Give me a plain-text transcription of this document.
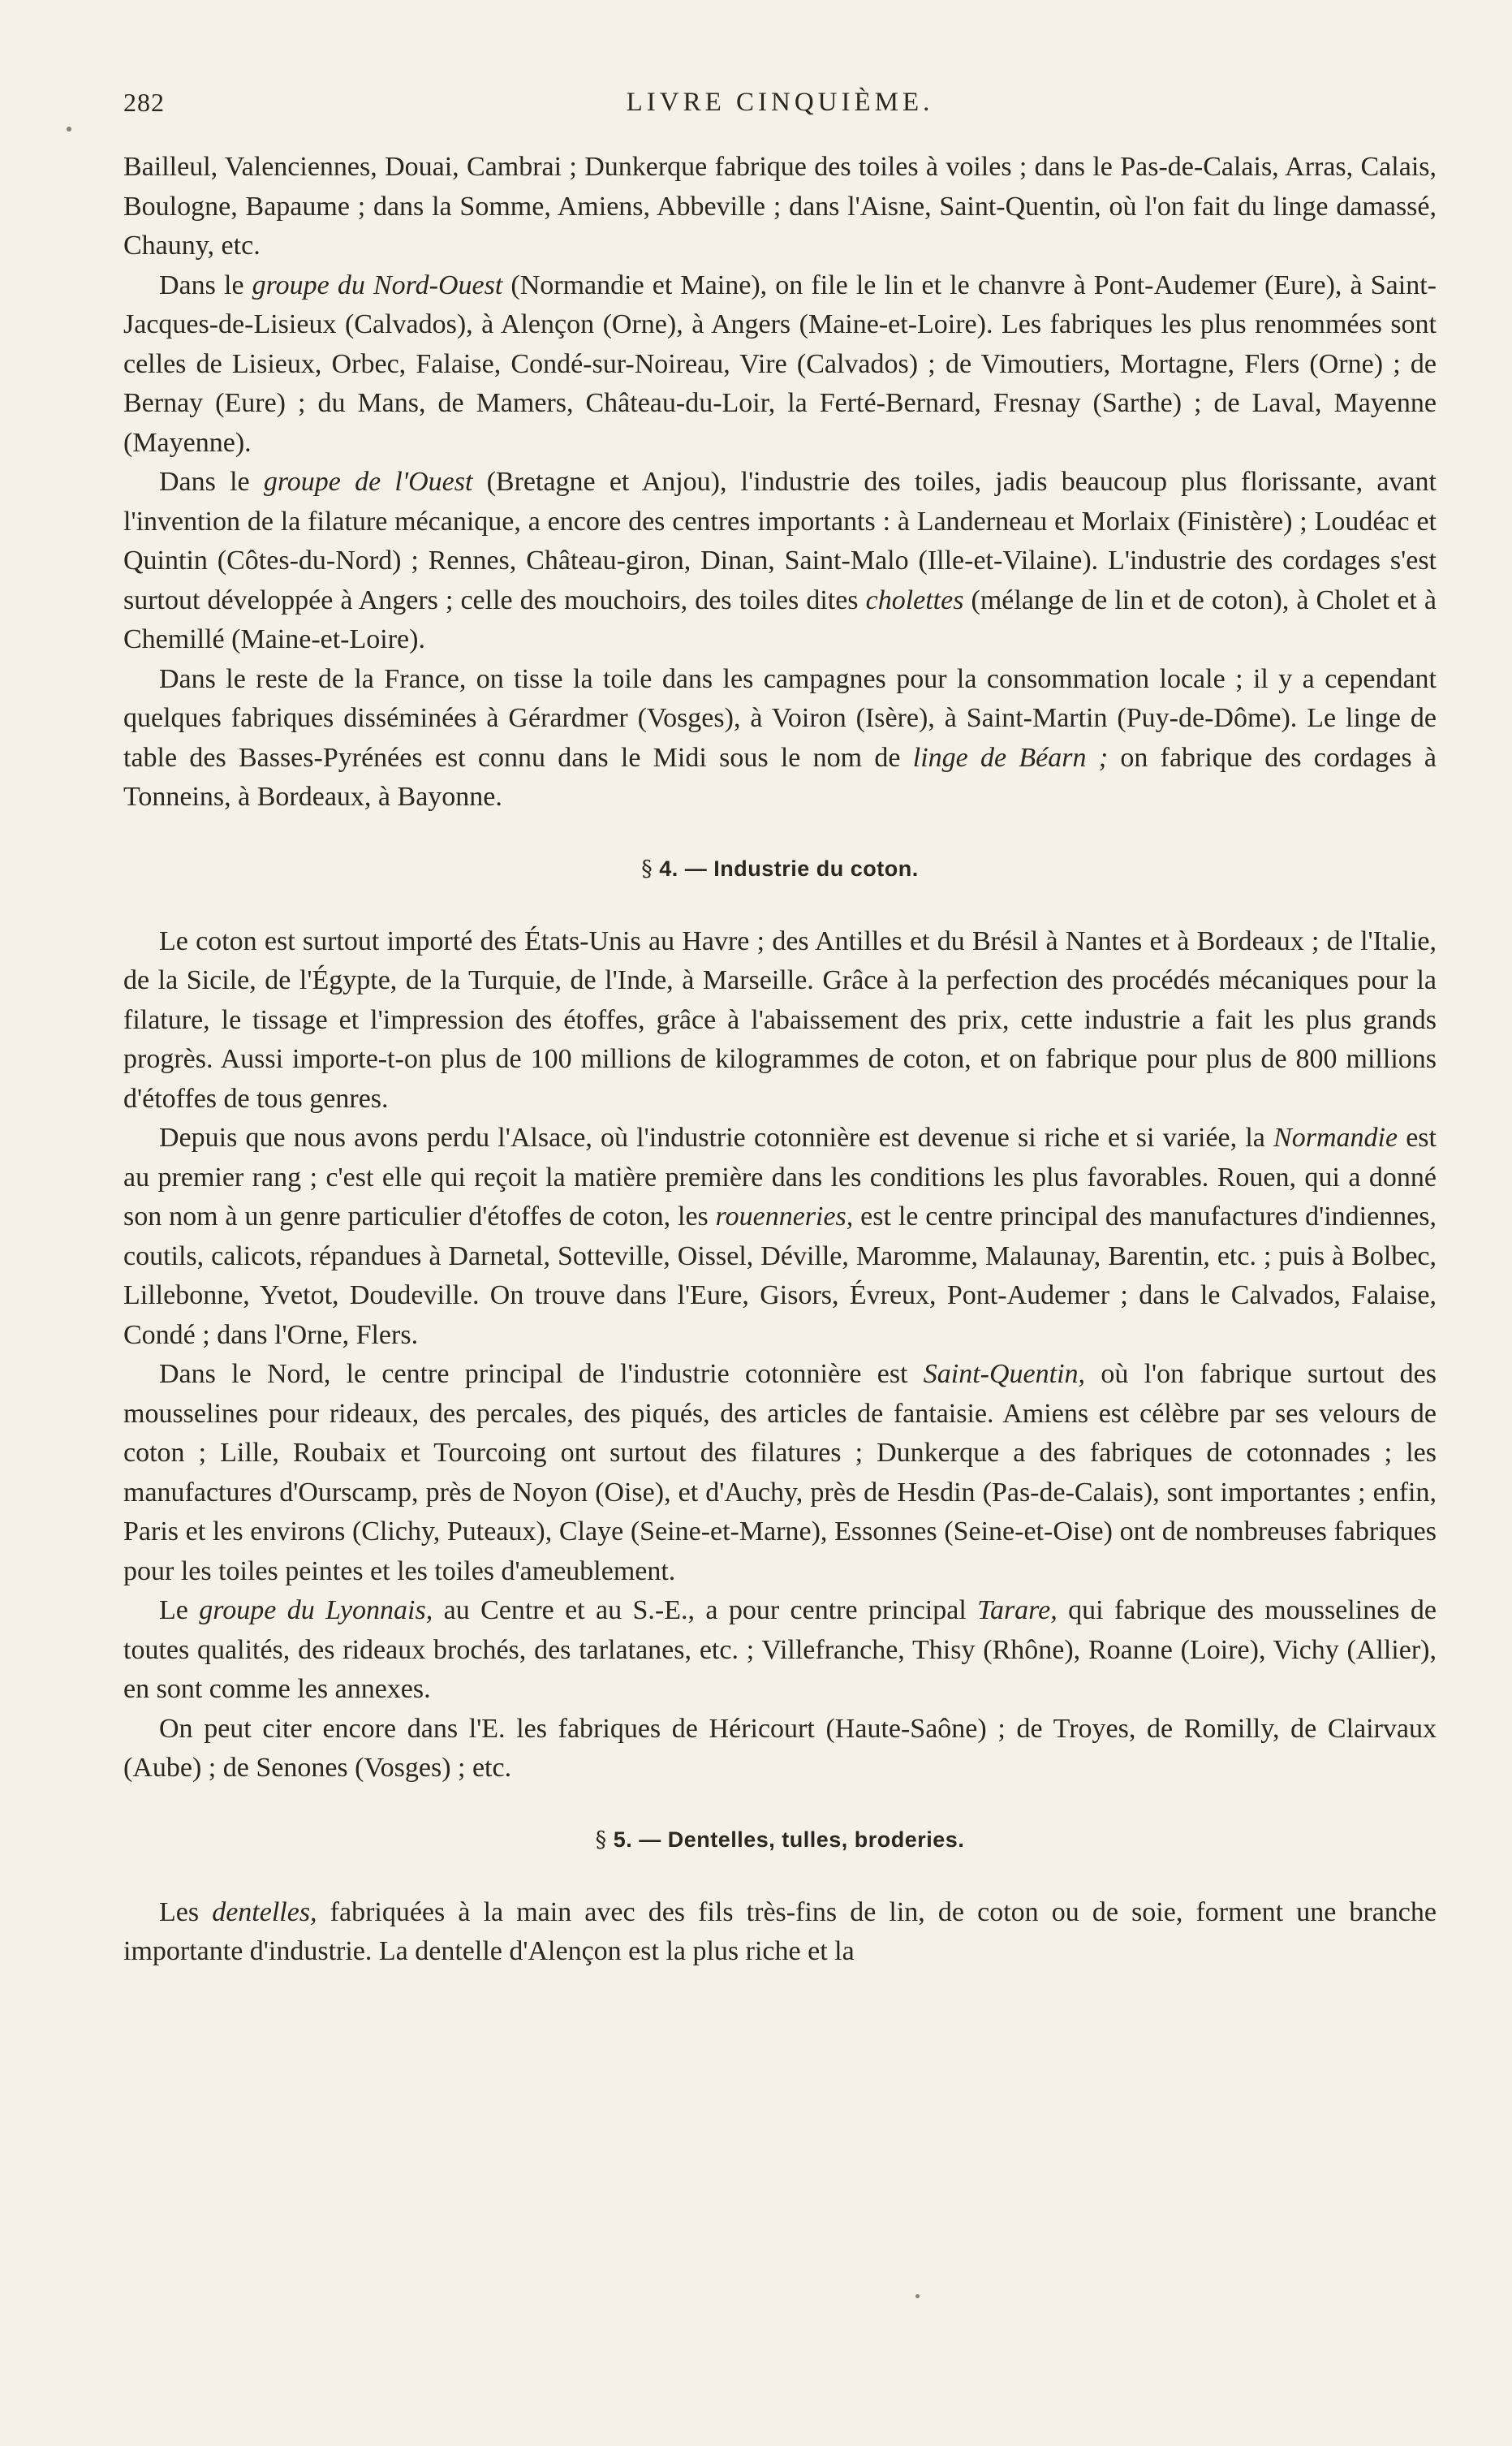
282	LIVRE CINQUIÈME.

Bailleul, Valenciennes, Douai, Cambrai ; Dunkerque fabrique des toiles à voiles ; dans le Pas-de-Calais, Arras, Calais, Boulogne, Bapaume ; dans la Somme, Amiens, Abbeville ; dans l'Aisne, Saint-Quentin, où l'on fait du linge damassé, Chauny, etc.

Dans le groupe du Nord-Ouest (Normandie et Maine), on file le lin et le chanvre à Pont-Audemer (Eure), à Saint-Jacques-de-Lisieux (Calvados), à Alençon (Orne), à Angers (Maine-et-Loire). Les fabriques les plus renommées sont celles de Lisieux, Orbec, Falaise, Condé-sur-Noireau, Vire (Calvados) ; de Vimoutiers, Mortagne, Flers (Orne) ; de Bernay (Eure) ; du Mans, de Mamers, Château-du-Loir, la Ferté-Bernard, Fresnay (Sarthe) ; de Laval, Mayenne (Mayenne).

Dans le groupe de l'Ouest (Bretagne et Anjou), l'industrie des toiles, jadis beaucoup plus florissante, avant l'invention de la filature mécanique, a encore des centres importants : à Landerneau et Morlaix (Finistère) ; Loudéac et Quintin (Côtes-du-Nord) ; Rennes, Château-giron, Dinan, Saint-Malo (Ille-et-Vilaine). L'industrie des cordages s'est surtout développée à Angers ; celle des mouchoirs, des toiles dites cholettes (mélange de lin et de coton), à Cholet et à Chemillé (Maine-et-Loire).

Dans le reste de la France, on tisse la toile dans les campagnes pour la consommation locale ; il y a cependant quelques fabriques disséminées à Gérardmer (Vosges), à Voiron (Isère), à Saint-Martin (Puy-de-Dôme). Le linge de table des Basses-Pyrénées est connu dans le Midi sous le nom de linge de Béarn ; on fabrique des cordages à Tonneins, à Bordeaux, à Bayonne.

§ 4. — Industrie du coton.

Le coton est surtout importé des États-Unis au Havre ; des Antilles et du Brésil à Nantes et à Bordeaux ; de l'Italie, de la Sicile, de l'Égypte, de la Turquie, de l'Inde, à Marseille. Grâce à la perfection des procédés mécaniques pour la filature, le tissage et l'impression des étoffes, grâce à l'abaissement des prix, cette industrie a fait les plus grands progrès. Aussi importe-t-on plus de 100 millions de kilogrammes de coton, et on fabrique pour plus de 800 millions d'étoffes de tous genres.

Depuis que nous avons perdu l'Alsace, où l'industrie cotonnière est devenue si riche et si variée, la Normandie est au premier rang ; c'est elle qui reçoit la matière première dans les conditions les plus favorables. Rouen, qui a donné son nom à un genre particulier d'étoffes de coton, les rouenneries, est le centre principal des manufactures d'indiennes, coutils, calicots, répandues à Darnetal, Sotteville, Oissel, Déville, Maromme, Malaunay, Barentin, etc. ; puis à Bolbec, Lillebonne, Yvetot, Doudeville. On trouve dans l'Eure, Gisors, Évreux, Pont-Audemer ; dans le Calvados, Falaise, Condé ; dans l'Orne, Flers.

Dans le Nord, le centre principal de l'industrie cotonnière est Saint-Quentin, où l'on fabrique surtout des mousselines pour rideaux, des percales, des piqués, des articles de fantaisie. Amiens est célèbre par ses velours de coton ; Lille, Roubaix et Tourcoing ont surtout des filatures ; Dunkerque a des fabriques de cotonnades ; les manufactures d'Ourscamp, près de Noyon (Oise), et d'Auchy, près de Hesdin (Pas-de-Calais), sont importantes ; enfin, Paris et les environs (Clichy, Puteaux), Claye (Seine-et-Marne), Essonnes (Seine-et-Oise) ont de nombreuses fabriques pour les toiles peintes et les toiles d'ameublement.

Le groupe du Lyonnais, au Centre et au S.-E., a pour centre principal Tarare, qui fabrique des mousselines de toutes qualités, des rideaux brochés, des tarlatanes, etc. ; Villefranche, Thisy (Rhône), Roanne (Loire), Vichy (Allier), en sont comme les annexes.

On peut citer encore dans l'E. les fabriques de Héricourt (Haute-Saône) ; de Troyes, de Romilly, de Clairvaux (Aube) ; de Senones (Vosges) ; etc.

§ 5. — Dentelles, tulles, broderies.

Les dentelles, fabriquées à la main avec des fils très-fins de lin, de coton ou de soie, forment une branche importante d'industrie. La dentelle d'Alençon est la plus riche et la
